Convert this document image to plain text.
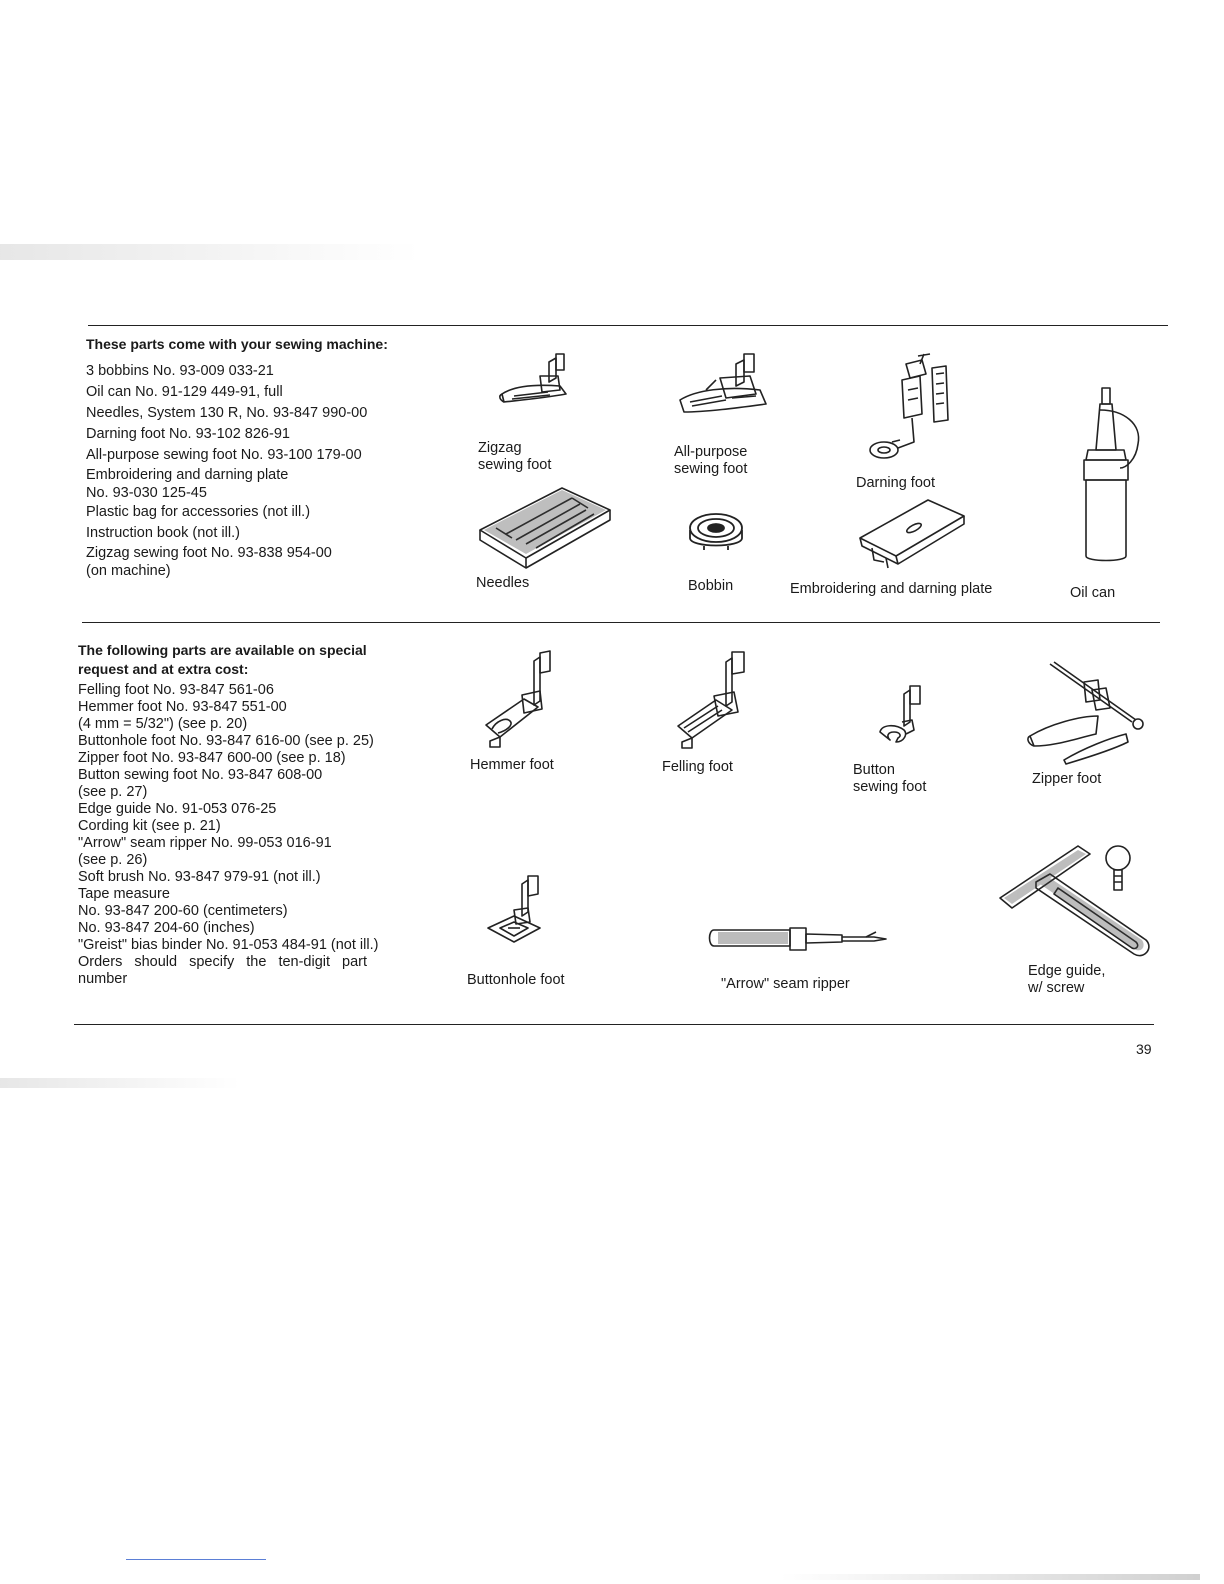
These parts come with your sewing machine:
3 bobbins No. 93-009 033-21
Oil can No. 91-129 449-91, full
Needles, System 130 R, No. 93-847 990-00
Darning foot No. 93-102 826-91
All-purpose sewing foot No. 93-100 179-00
Embroidering and darning plate
No. 93-030 125-45
Plastic bag for accessories (not ill.)
Instruction book (not ill.)
Zigzag sewing foot No. 93-838 954-00
(on machine)
Zigzag
sewing foot
All-purpose
sewing foot
Darning foot
Oil can
Needles	Bobbin	Embroidering and darning plate
The following parts are available on special
request and at extra cost:
Felling foot No. 93-847 561-06
Hemmer foot No. 93-847 551-00
(4 mm = 5/32") (see p. 20)
Buttonhole foot No. 93-847 616-00 (see p. 25)
Zipper foot No. 93-847 600-00 (see p. 18)
Button sewing foot No. 93-847 608-00
(see p. 27)
Edge guide No. 91-053 076-25
Cording kit (see p. 21)
"Arrow" seam ripper No. 99-053 016-91
(see p. 26)
Soft brush No. 93-847 979-91 (not ill.)
Tape measure
No. 93-847 200-60 (centimeters)
No. 93-847 204-60 (inches)
"Greist" bias binder No. 91-053 484-91 (not ill.)
Orders should specify the ten-digit part
number
Hemmer foot	Felling foot	Button
sewing foot	Zipper foot
Buttonhole foot	"Arrow" seam ripper
Edge guide,
w/ screw
39
